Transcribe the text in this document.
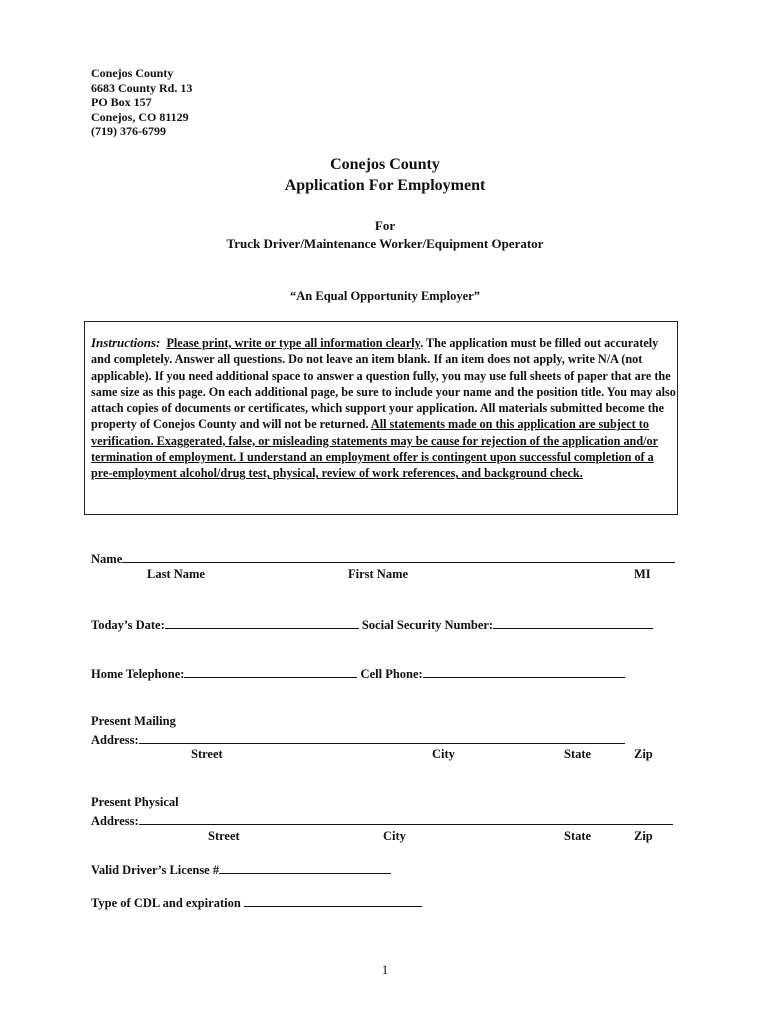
Conejos County
6683 County Rd. 13
PO Box 157
Conejos, CO 81129
(719) 376-6799
Conejos County
Application For Employment
For
Truck Driver/Maintenance Worker/Equipment Operator
“An Equal Opportunity Employer”
Instructions: Please print, write or type all information clearly. The application must be filled out accurately and completely. Answer all questions. Do not leave an item blank. If an item does not apply, write N/A (not applicable). If you need additional space to answer a question fully, you may use full sheets of paper that are the same size as this page. On each additional page, be sure to include your name and the position title. You may also attach copies of documents or certificates, which support your application. All materials submitted become the property of Conejos County and will not be returned. All statements made on this application are subject to verification. Exaggerated, false, or misleading statements may be cause for rejection of the application and/or termination of employment. I understand an employment offer is contingent upon successful completion of a pre-employment alcohol/drug test, physical, review of work references, and background check.
Name
Last Name	First Name	MI
Today’s Date:	Social Security Number:
Home Telephone:	Cell Phone:
Present Mailing
Address:
Street	City	State	Zip
Present Physical
Address:
Street	City	State	Zip
Valid Driver’s License #
Type of CDL and expiration
1
